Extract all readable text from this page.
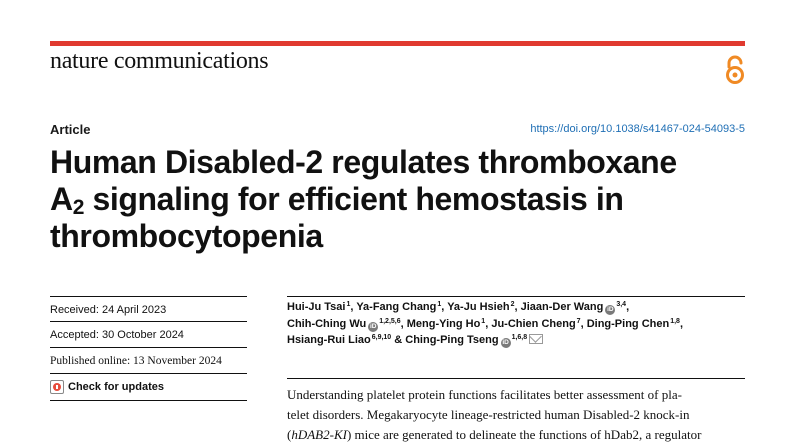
nature communications
Article	https://doi.org/10.1038/s41467-024-54093-5
Human Disabled-2 regulates thromboxane
$A_2$ signaling for efficient hemostasis in
thrombocytopenia
Received: 24 April 2023
Accepted: 30 October 2024
Published online: 13 November 2024
Check for updates
Hui-Ju Tsai$^1$, Ya-Fang Chang$^1$, Ya-Ju Hsieh$^2$, Jiaan-Der Wang iD$^{3,4}$,
Chih-Ching Wu iD$^{1,2,5,6}$, Meng-Ying Ho$^1$, Ju-Chien Cheng$^7$, Ding-Ping Chen$^{1,8}$,
Hsiang-Rui Liao$^{6,9,10}$ & Ching-Ping Tseng iD$^{1,6,8}$

Understanding platelet protein functions facilitates better assessment of pla-

telet disorders. Megakaryocyte lineage-restricted human Disabled-2 knock-in

(hDAB2-KI) mice are generated to delineate the functions of hDab2, a regulator
